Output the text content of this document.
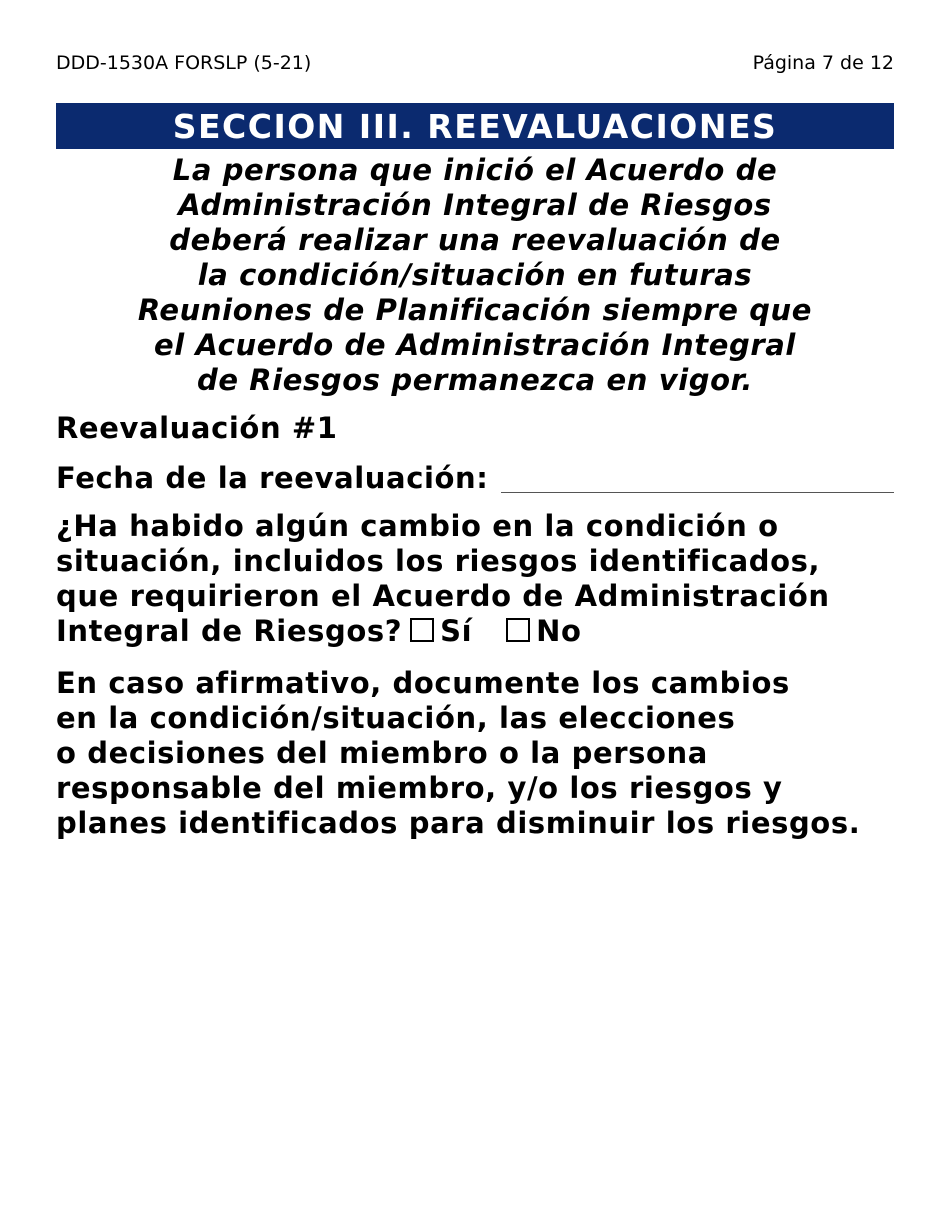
DDD-1530A FORSLP (5-21)	Página 7 de 12
SECCION III. REEVALUACIONES
La persona que inició el Acuerdo de
Administración Integral de Riesgos
deberá realizar una reevaluación de
la condición/situación en futuras
Reuniones de Planificación siempre que
el Acuerdo de Administración Integral
de Riesgos permanezca en vigor.
Reevaluación #1
Fecha de la reevaluación:
¿Ha habido algún cambio en la condición o
situación, incluidos los riesgos identificados,
que requirieron el Acuerdo de Administración
Integral de Riesgos? Sí No
En caso afirmativo, documente los cambios
en la condición/situación, las elecciones
o decisiones del miembro o la persona
responsable del miembro, y/o los riesgos y
planes identificados para disminuir los riesgos.
